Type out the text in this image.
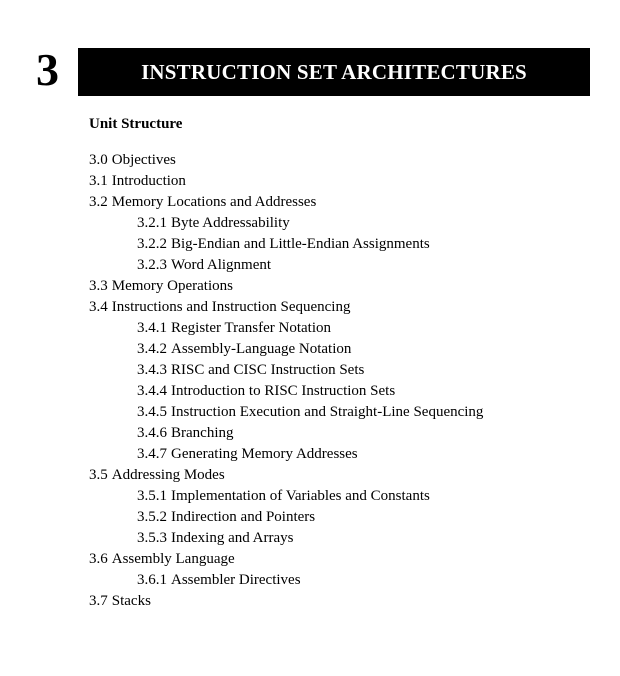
3	INSTRUCTION SET ARCHITECTURES
Unit Structure
3.0 Objectives
3.1 Introduction
3.2 Memory Locations and Addresses
3.2.1 Byte Addressability
3.2.2 Big-Endian and Little-Endian Assignments
3.2.3 Word Alignment
3.3 Memory Operations
3.4 Instructions and Instruction Sequencing
3.4.1 Register Transfer Notation
3.4.2 Assembly-Language Notation
3.4.3 RISC and CISC Instruction Sets
3.4.4 Introduction to RISC Instruction Sets
3.4.5 Instruction Execution and Straight-Line Sequencing
3.4.6 Branching
3.4.7 Generating Memory Addresses
3.5 Addressing Modes
3.5.1 Implementation of Variables and Constants
3.5.2 Indirection and Pointers
3.5.3 Indexing and Arrays
3.6 Assembly Language
3.6.1 Assembler Directives
3.7 Stacks
